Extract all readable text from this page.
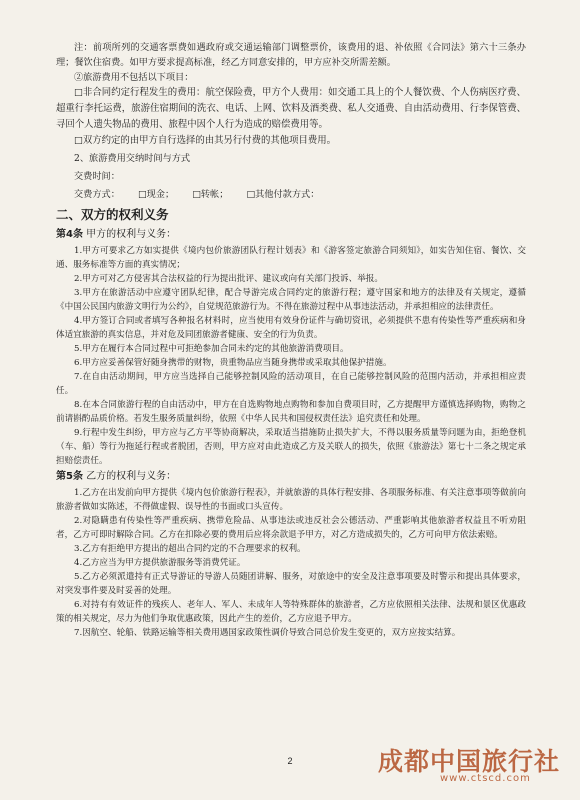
注：前项所列的交通客票费如遇政府或交通运输部门调整票价，该费用的退、补依照《合同法》第六十三条办理；餐饮住宿费。如甲方要求提高标准，经乙方同意安排的，甲方应补交所需差额。

②旅游费用不包括以下项目：

□非合同约定行程发生的费用：航空保险费，甲方个人费用：如交通工具上的个人餐饮费、个人伤病医疗费、超重行李托运费，旅游住宿期间的洗衣、电话、上网、饮料及酒类费、私人交通费、自由活动费用、行李保管费、寻回个人遗失物品的费用、旅程中因个人行为造成的赔偿费用等。

□双方约定的由甲方自行选择的由其另行付费的其他项目费用。

2、旅游费用交纳时间与方式

交费时间：

交费方式： □现金； □转帐； □其他付款方式：

二、双方的权利义务
第4条 甲方的权利与义务：

1.甲方可要求乙方如实提供《境内包价旅游团队行程计划表》和《游客签定旅游合同须知》，如实告知住宿、餐饮、交通、服务标准等方面的真实情况；

2.甲方可对乙方侵害其合法权益的行为提出批评、建议或向有关部门投诉、举报。

3.甲方在旅游活动中应遵守团队纪律，配合导游完成合同约定的旅游行程；遵守国家和地方的法律及有关规定，遵循《中国公民国内旅游文明行为公约》，自觉规范旅游行为。不得在旅游过程中从事违法活动，并承担相应的法律责任。

4.甲方签订合同或者填写各种报名材料时，应当使用有效身份证件与确切资讯，必须提供不患有传染性等严重疾病和身体适宜旅游的真实信息，并对危及同团旅游者健康、安全的行为负责。

5.甲方在履行本合同过程中可拒绝参加合同未约定的其他旅游消费项目。

6.甲方应妥善保管好随身携带的财物，贵重物品应当随身携带或采取其他保护措施。

7.在自由活动期间，甲方应当选择自己能够控制风险的活动项目，在自己能够控制风险的范围内活动，并承担相应责任。

8.在本合同旅游行程的自由活动中，甲方在自选购物地点购物和参加自费项目时，乙方提醒甲方谨慎选择购物，购物之前请斟酌品质价格。若发生服务质量纠纷，依照《中华人民共和国侵权责任法》追究责任和处理。

9.行程中发生纠纷，甲方应与乙方平等协商解决，采取适当措施防止损失扩大，不得以服务质量等问题为由，拒绝登机（车、船）等行为拖延行程或者脱团，否则，甲方应对由此造成乙方及关联人的损失，依照《旅游法》第七十二条之规定承担赔偿责任。

第5条 乙方的权利与义务：

1.乙方在出发前向甲方提供《境内包价旅游行程表》，并就旅游的具体行程安排、各项服务标准、有关注意事项等做前向旅游者做如实陈述，不得做虚假、误导性的书面或口头宣传。

2.对隐瞒患有传染性等严重疾病、携带危险品、从事违法或违反社会公德活动、严重影响其他旅游者权益且不听劝阻者，乙方可即时解除合同。乙方在扣除必要的费用后应将余款退予甲方，对乙方造成损失的，乙方可向甲方依法索赔。

3.乙方有拒绝甲方提出的超出合同约定的不合理要求的权利。

4.乙方应当为甲方提供旅游服务等消费凭证。

5.乙方必须派遣持有正式导游证的导游人员随团讲解、服务，对旅途中的安全及注意事项要及时警示和提出具体要求，对突发事件要及时妥善的处理。

6.对持有有效证件的残疾人、老年人、军人、未成年人等特殊群体的旅游者，乙方应依照相关法律、法规和景区优惠政策的相关规定，尽力为他们争取优惠政策，因此产生的差价，乙方应退予甲方。

7.因航空、轮船、铁路运输等相关费用遇国家政策性调价导致合同总价发生变更的，双方应按实结算。

2	成都中国旅行社
www.ctscd.com
